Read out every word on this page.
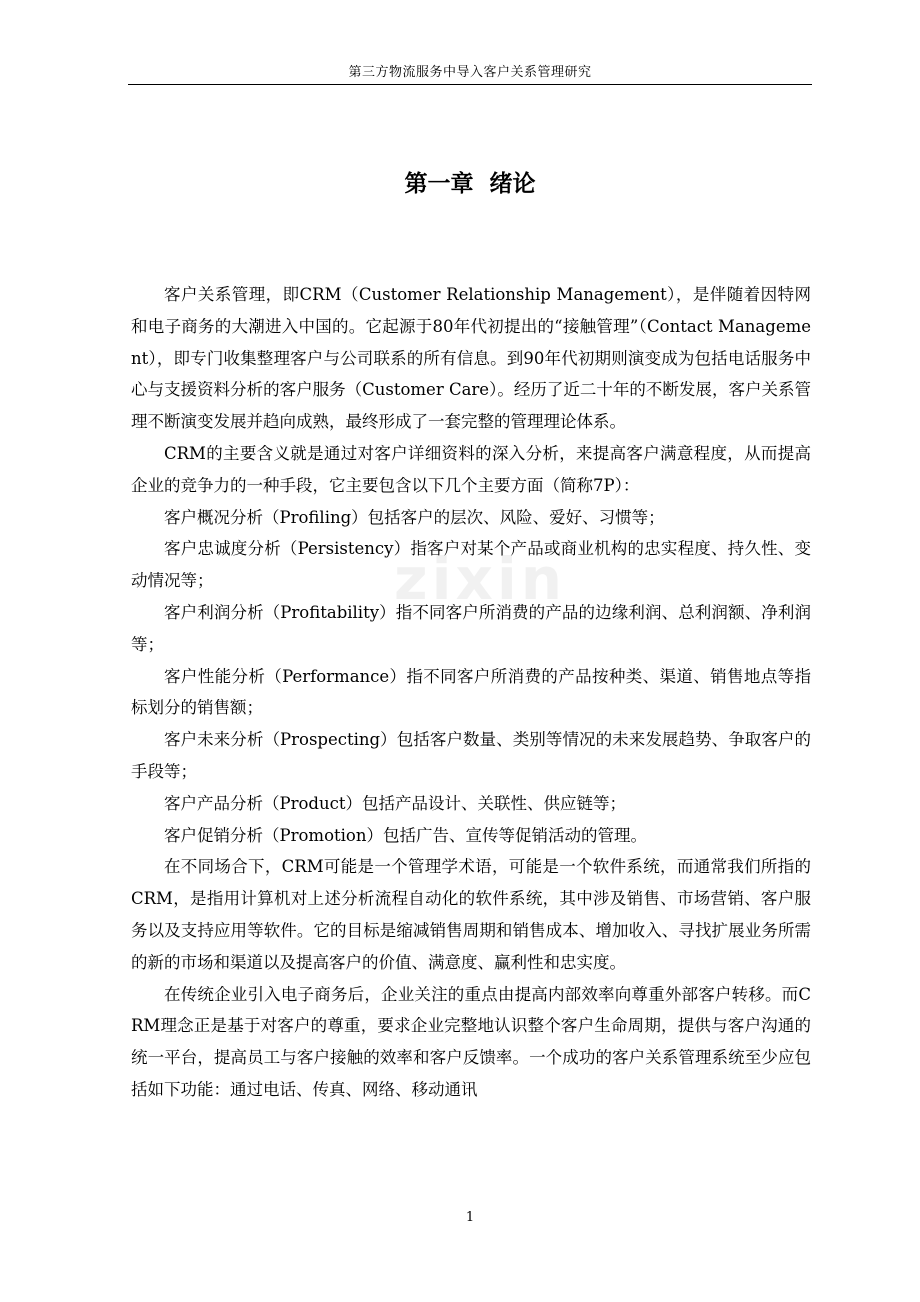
第三方物流服务中导入客户关系管理研究
第一章 绪论
zixin

客户关系管理，即CRM（Customer Relationship Management），是伴随着因特网和电子商务的大潮进入中国的。它起源于80年代初提出的“接触管理”（Contact Management），即专门收集整理客户与公司联系的所有信息。到90年代初期则演变成为包括电话服务中心与支援资料分析的客户服务（Customer Care）。经历了近二十年的不断发展，客户关系管理不断演变发展并趋向成熟，最终形成了一套完整的管理理论体系。

CRM的主要含义就是通过对客户详细资料的深入分析，来提高客户满意程度，从而提高企业的竞争力的一种手段，它主要包含以下几个主要方面（简称7P）：

客户概况分析（Profiling）包括客户的层次、风险、爱好、习惯等；

客户忠诚度分析（Persistency）指客户对某个产品或商业机构的忠实程度、持久性、变动情况等；

客户利润分析（Profitability）指不同客户所消费的产品的边缘利润、总利润额、净利润等；

客户性能分析（Performance）指不同客户所消费的产品按种类、渠道、销售地点等指标划分的销售额；

客户未来分析（Prospecting）包括客户数量、类别等情况的未来发展趋势、争取客户的手段等；

客户产品分析（Product）包括产品设计、关联性、供应链等；

客户促销分析（Promotion）包括广告、宣传等促销活动的管理。

在不同场合下，CRM可能是一个管理学术语，可能是一个软件系统，而通常我们所指的CRM，是指用计算机对上述分析流程自动化的软件系统，其中涉及销售、市场营销、客户服务以及支持应用等软件。它的目标是缩减销售周期和销售成本、增加收入、寻找扩展业务所需的新的市场和渠道以及提高客户的价值、满意度、赢利性和忠实度。

在传统企业引入电子商务后，企业关注的重点由提高内部效率向尊重外部客户转移。而CRM理念正是基于对客户的尊重，要求企业完整地认识整个客户生命周期，提供与客户沟通的统一平台，提高员工与客户接触的效率和客户反馈率。一个成功的客户关系管理系统至少应包括如下功能：通过电话、传真、网络、移动通讯

1
